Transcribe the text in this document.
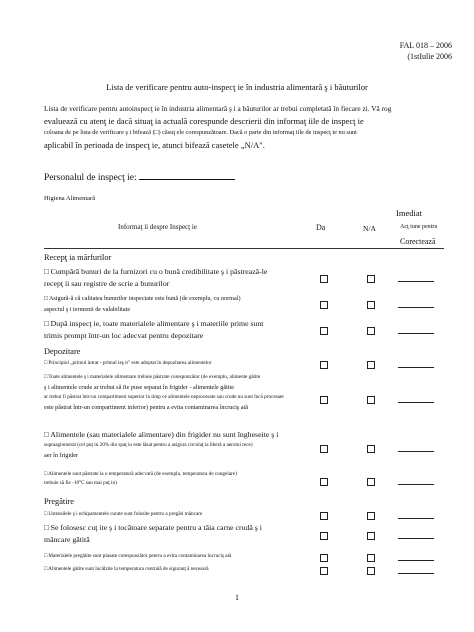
FAL 018 – 2006
(1stIulie 2006
Lista de verificare pentru auto-inspecţ ie în industria alimentară ş i băuturilor

Lista de verificare pentru autoinspecţ ie în industria alimentară ş i a băuturilor ar trebui completată în fiecare zi. Vă rog

evaluează cu atenţ ie dacă situaţ ia actuală corespunde descrierii din informaţ iile de inspecţ ie

coloana de pe lista de verificare ş i bifează (□) căsuţ ele corespunzătoare. Dacă o parte din informaţ iile de inspecţ ie nu sunt

aplicabil în perioada de inspecţ ie, atunci bifează casetele „N/A".

Personalul de inspecţ ie:
Higiena Alimentară
Informaţ ii despre Inspecţ ie	Da	N/A
Imediat
Acţ iune pentru
Corectează
Recepţ ia mărfurilor
□ Cumpără bunuri de la furnizori cu o bună credibilitate ş i păstrează-le
recepţ ii sau registre de scrie a bunurilor
□ Asigură-ă că calitatea bunurilor inspectate este bună (de exemplu, cu normal)
aspectul ş i termenii de valabilitate
□ După inspecţ ie, toate materialele alimentare ş i materiile prime sunt
trimis prompt într-un loc adecvat pentru depozitare
Depozitare
□ Principiul „primul intrat - primul ieş it" este adoptat în depozitarea alimentelor
□ Toate alimentele ş i materialele alimentare trebuie păstrate corespunzător (de exemplu, alimente gătite
ş i alimentele crude ar trebui să fie puse separat în frigider - alimentele gătite
ar trebui fi păstrat într-un compartiment superior în timp ce alimentele neprocesate sau crude nu sunt încă procesate
este păstrat într-un compartiment inferior) pentru a evita contaminarea încruciş ată
□ Alimentele (sau materialele alimentare) din frigider nu sunt îngheseite ş i
supraaglomerat (cel puţ in 20% din spaţ iu este lăsat pentru a asigura circulaţ ia liberă a aerului rece)
aer în frigider
□ Alimentele sunt păstrate la o temperatură adecvată (de exemplu, temperatura de congelare)
trebuie să fie -18°C sau mai puţ in)
Pregătire
□ Ustensilele ş i echipamentele curate sunt folosite pentru a pregăti mâncare
□ Se folosesc cuţ ite ş i tocătoare separate pentru a tăia carne crudă ş i
mâncare gătită
□ Materialele pregătite sunt plasate corespunzător pentru a evita contaminarea încruciş ată
□ Alimentele gătite sunt încălzite la temperatura centrală de siguranţ ă necesară
1
